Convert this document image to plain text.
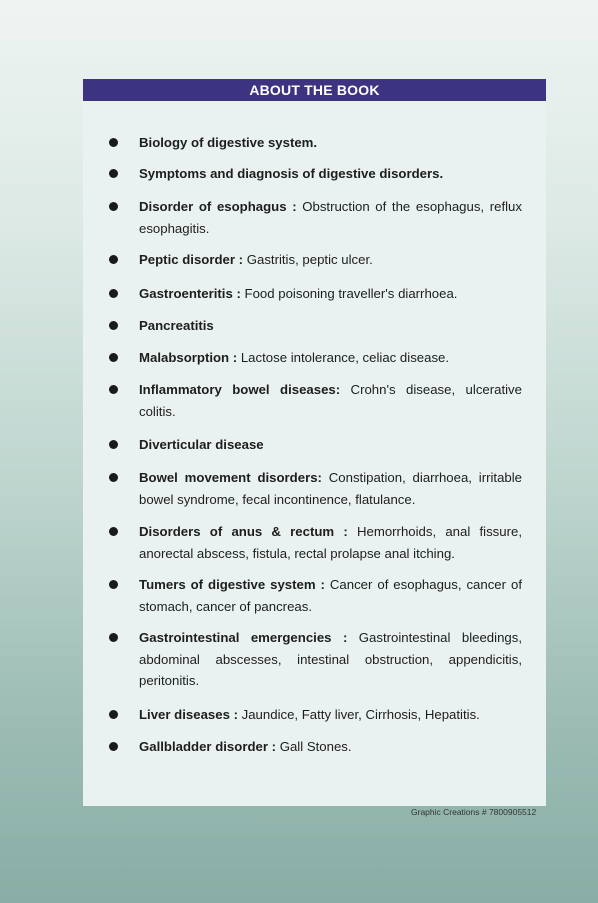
ABOUT THE BOOK
Biology of digestive system.
Symptoms and diagnosis of digestive disorders.
Disorder of esophagus : Obstruction of the esophagus, reflux esophagitis.
Peptic disorder : Gastritis, peptic ulcer.
Gastroenteritis : Food poisoning traveller's diarrhoea.
Pancreatitis
Malabsorption : Lactose intolerance, celiac disease.
Inflammatory bowel diseases: Crohn's disease, ulcerative colitis.
Diverticular disease
Bowel movement disorders: Constipation, diarrhoea, irritable bowel syndrome, fecal incontinence, flatulance.
Disorders of anus & rectum : Hemorrhoids, anal fissure, anorectal abscess, fistula, rectal prolapse anal itching.
Tumers of digestive system : Cancer of esophagus, cancer of stomach, cancer of pancreas.
Gastrointestinal emergencies : Gastrointestinal bleedings, abdominal abscesses, intestinal obstruction, appendicitis, peritonitis.
Liver diseases : Jaundice, Fatty liver, Cirrhosis, Hepatitis.
Gallbladder disorder : Gall Stones.
Graphic Creations # 7800905512
